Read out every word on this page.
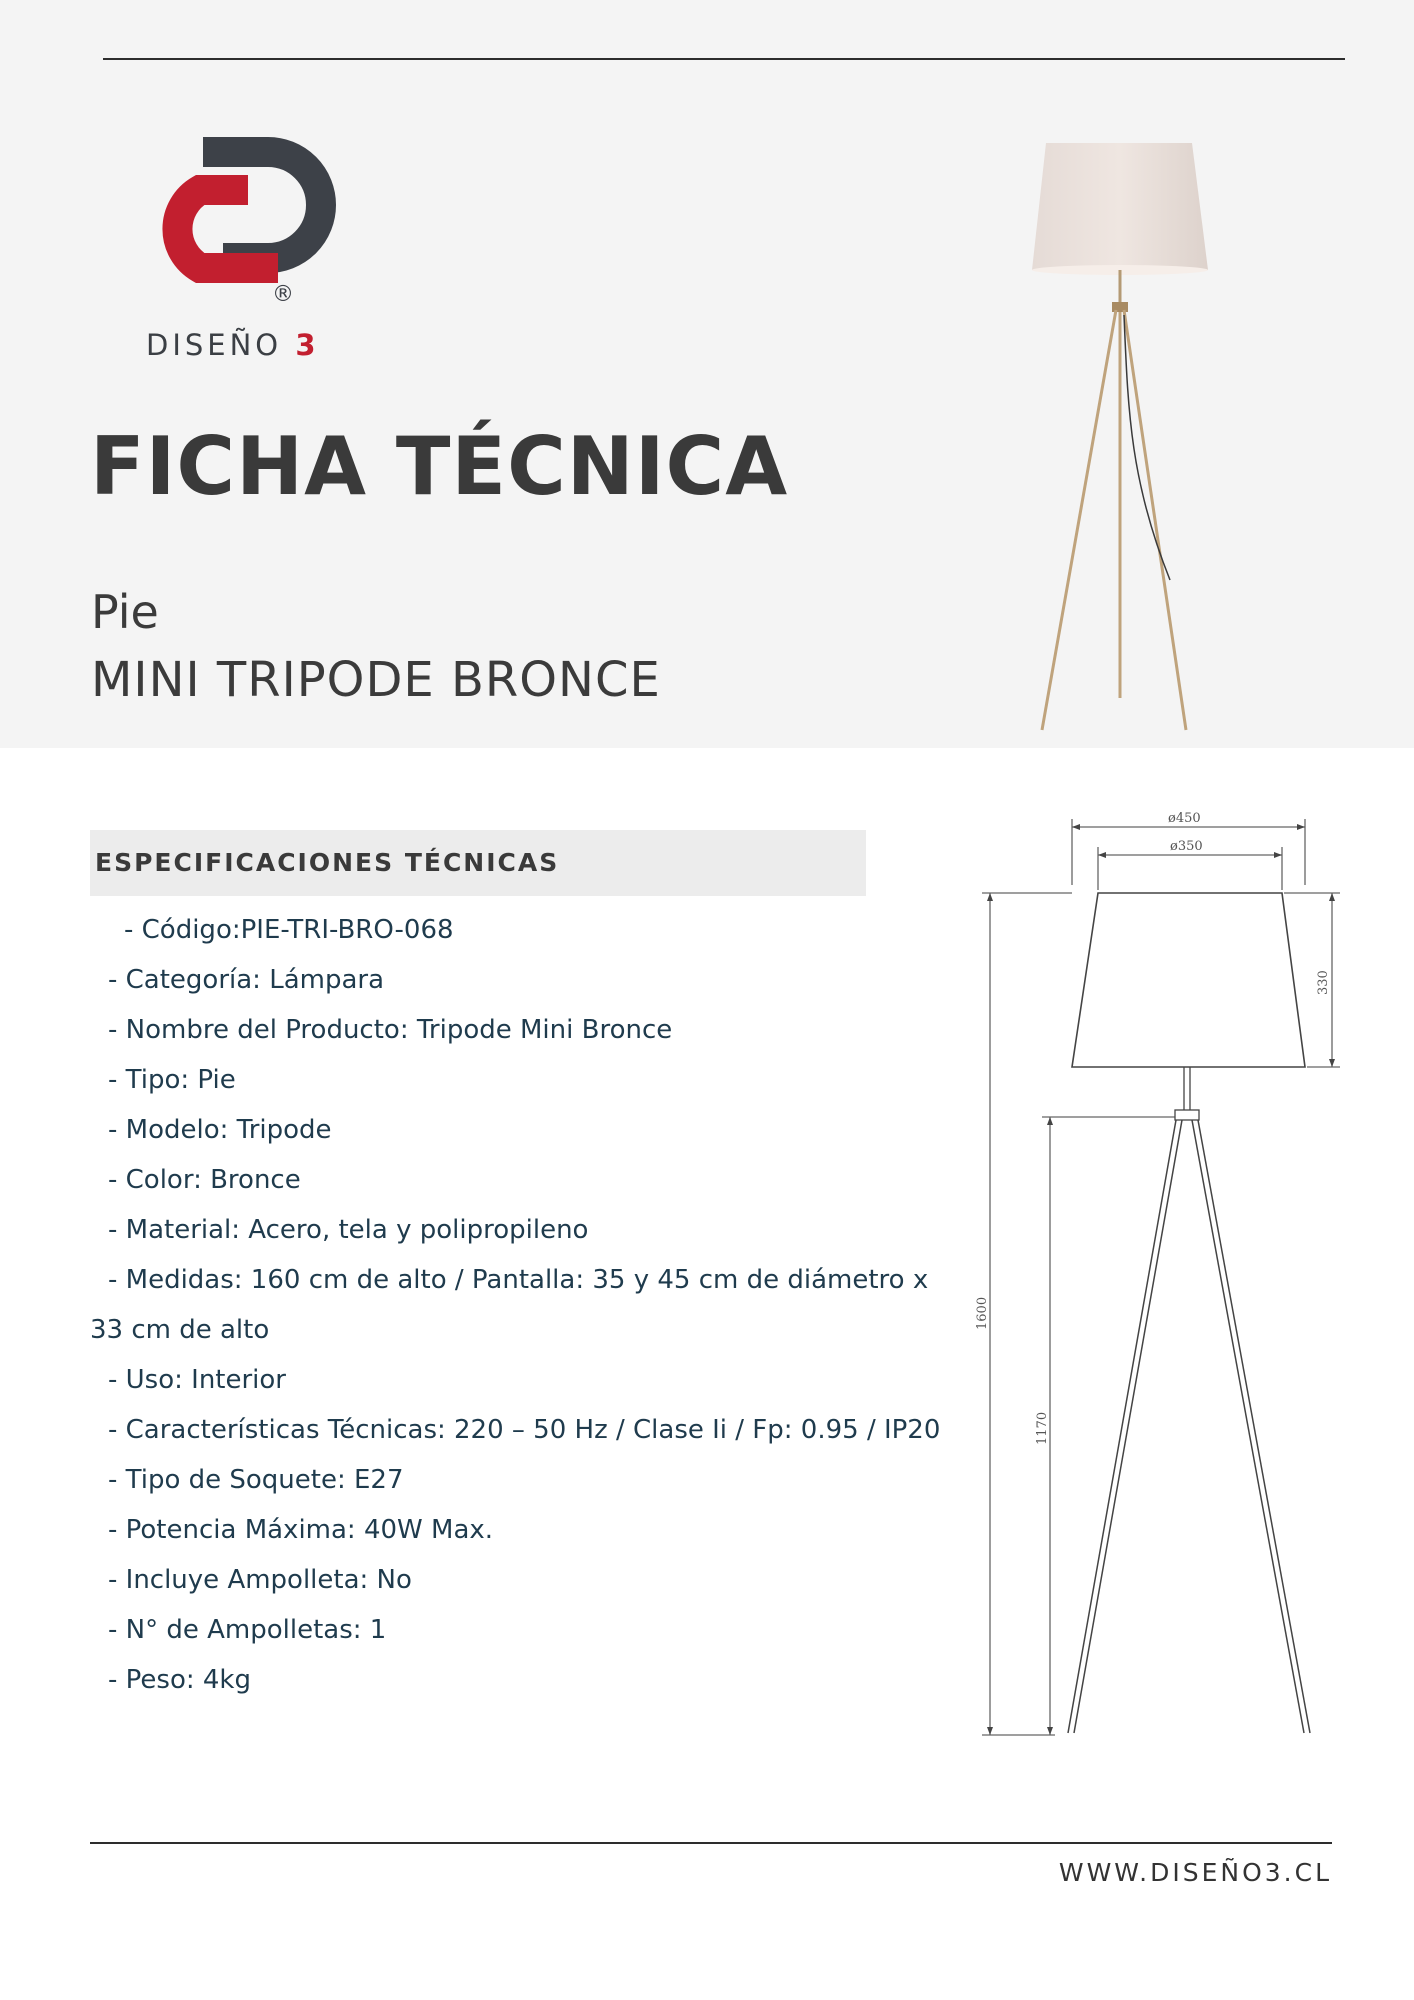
®
DISEÑO 3
FICHA TÉCNICA
Pie
MINI TRIPODE BRONCE
ESPECIFICACIONES TÉCNICAS
- Código:PIE-TRI-BRO-068
- Categoría: Lámpara
- Nombre del Producto: Tripode Mini Bronce
- Tipo: Pie
- Modelo: Tripode
- Color: Bronce
- Material: Acero, tela y polipropileno
- Medidas: 160 cm de alto / Pantalla: 35 y 45 cm de diámetro x 33 cm de alto
- Uso: Interior
- Características Técnicas: 220 – 50 Hz / Clase Ii / Fp: 0.95 / IP20
- Tipo de Soquete: E27
- Potencia Máxima: 40W Max.
- Incluye Ampolleta: No
- N° de Ampolletas: 1
- Peso: 4kg
ø450
ø350
330
1600
1170
WWW.DISEÑO3.CL
